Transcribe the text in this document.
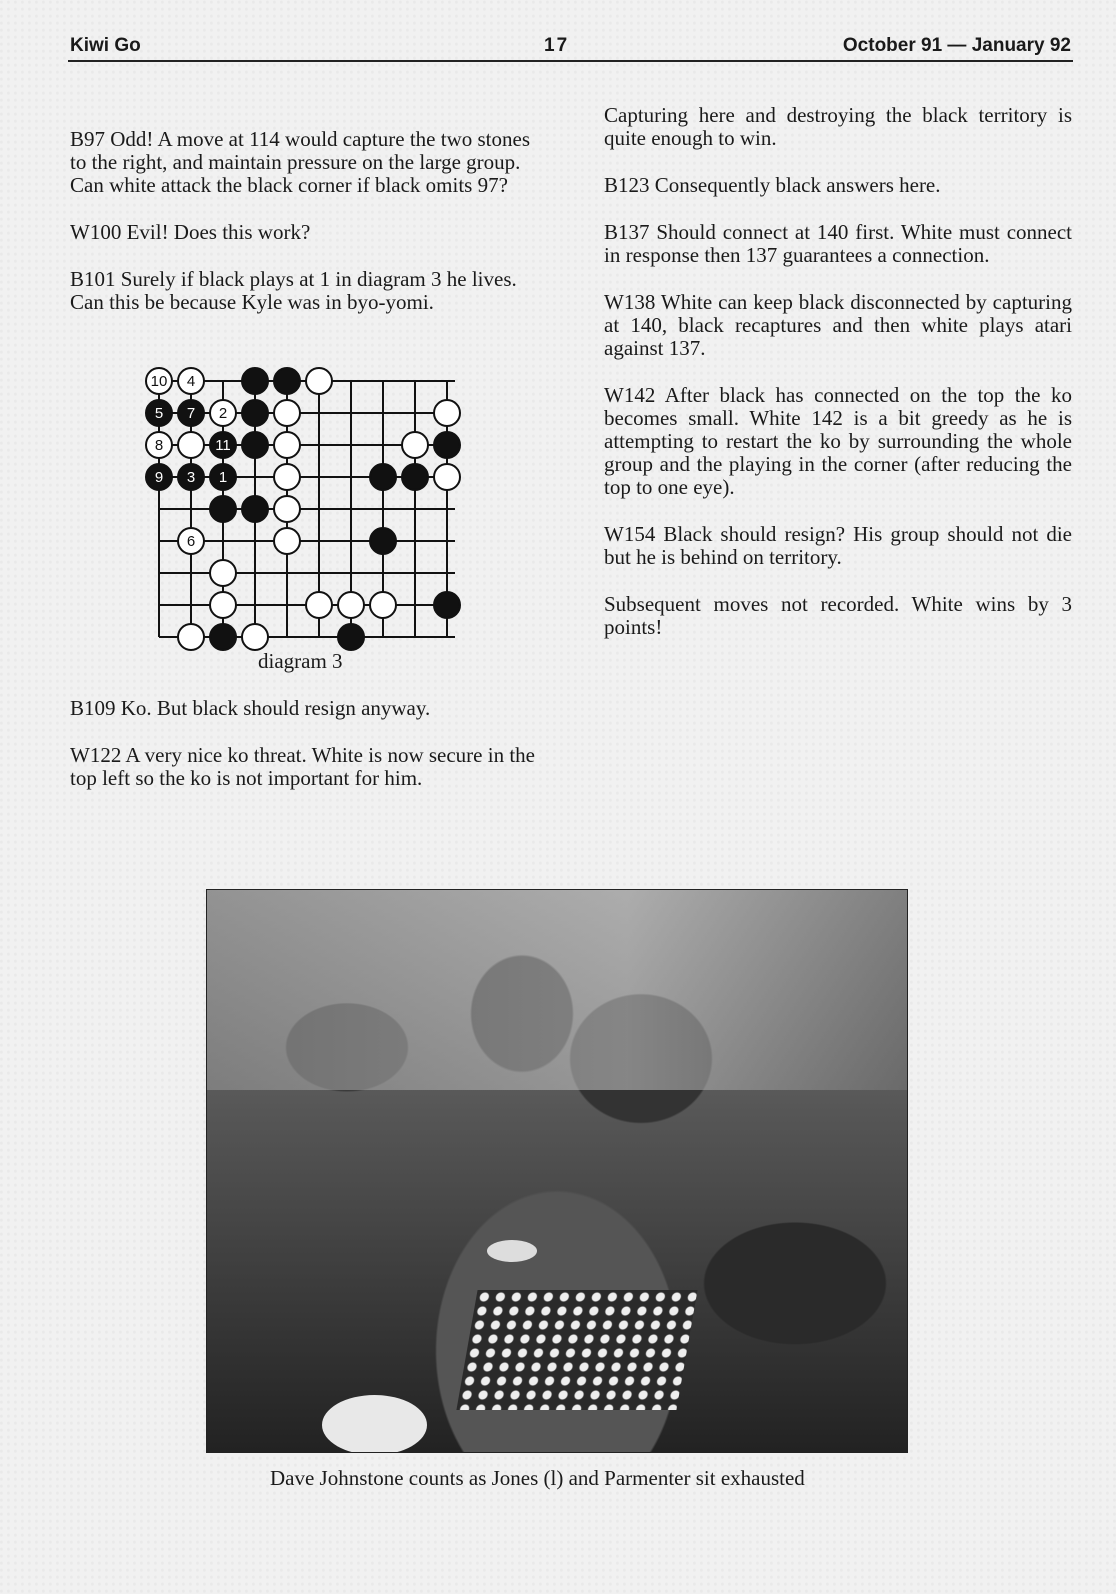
Kiwi Go	17	October 91 — January 92

B97 Odd! A move at 114 would capture the two stones to the right, and maintain pressure on the large group. Can white attack the black corner if black omits 97?

W100 Evil! Does this work?

B101 Surely if black plays at 1 in diagram 3 he lives. Can this be because Kyle was in byo-yomi.

10 4
5 7 2
8	11
9 3 1
6
diagram 3

B109 Ko. But black should resign anyway.

W122 A very nice ko threat. White is now secure in the top left so the ko is not important for him.

Capturing here and destroying the black territory is quite enough to win.

B123 Consequently black answers here.

B137 Should connect at 140 first. White must connect in response then 137 guarantees a connection.

W138 White can keep black disconnected by capturing at 140, black recaptures and then white plays atari against 137.

W142 After black has connected on the top the ko becomes small. White 142 is a bit greedy as he is attempting to restart the ko by surrounding the whole group and the playing in the corner (after reducing the top to one eye).

W154 Black should resign? His group should not die but he is behind on territory.

Subsequent moves not recorded. White wins by 3 points!

Dave Johnstone counts as Jones (l) and Parmenter sit exhausted
